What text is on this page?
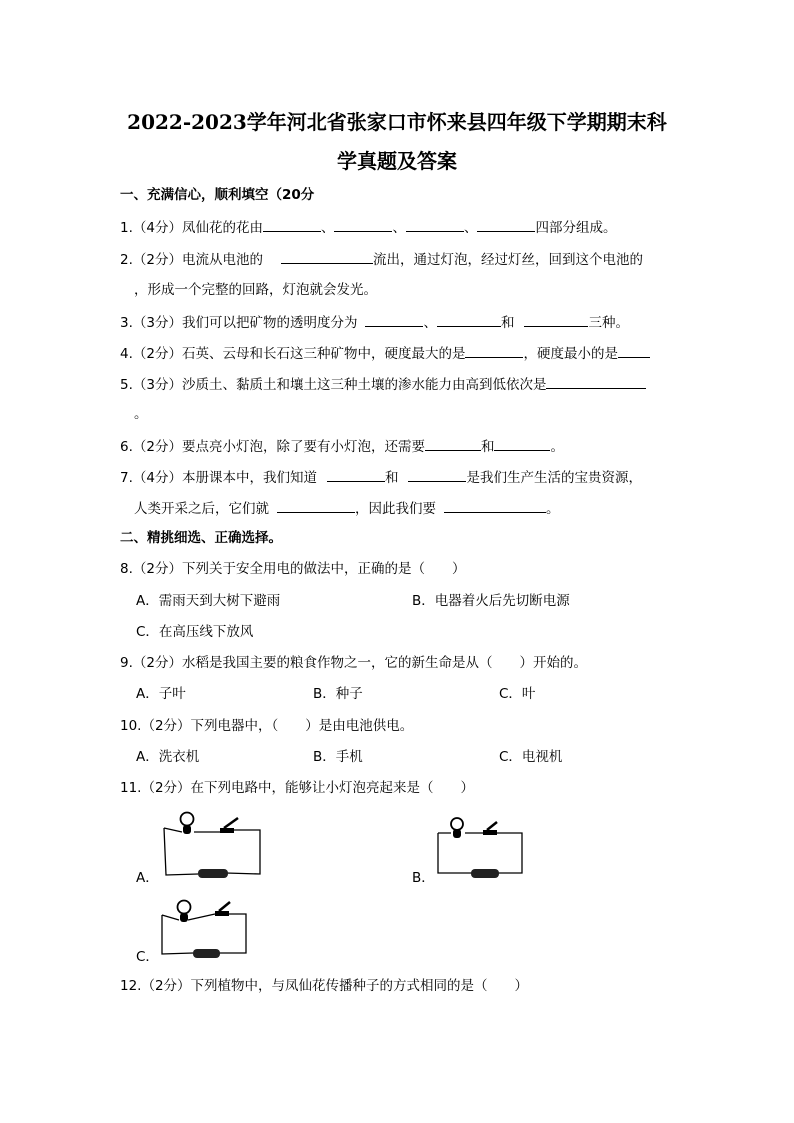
2022-2023学年河北省张家口市怀来县四年级下学期期末科
学真题及答案
一、充满信心，顺利填空（20分
1.（4分）凤仙花的花由	、	、	、	四部分组成。
2.（2分）电流从电池的	流出，通过灯泡，经过灯丝，回到这个电池的
，形成一个完整的回路，灯泡就会发光。
3.（3分）我们可以把矿物的透明度分为	、	和	三种。
4.（2分）石英、云母和长石这三种矿物中，硬度最大的是	，硬度最小的是
5.（3分）沙质土、黏质土和壤土这三种土壤的渗水能力由高到低依次是
。
6.（2分）要点亮小灯泡，除了要有小灯泡，还需要	和	。
7.（4分）本册课本中，我们知道	和	是我们生产生活的宝贵资源，
人类开采之后，它们就	，因此我们要	。
二、精挑细选、正确选择。
8.（2分）下列关于安全用电的做法中，正确的是（　　）
A．需雨天到大树下避雨	B．电器着火后先切断电源
C．在高压线下放风
9.（2分）水稻是我国主要的粮食作物之一，它的新生命是从（　　）开始的。
A．子叶	B．种子	C．叶
10.（2分）下列电器中，（　　）是由电池供电。
A．洗衣机	B．手机	C．电视机
11.（2分）在下列电路中，能够让小灯泡亮起来是（　　）
A．	B．
C．
12.（2分）下列植物中，与凤仙花传播种子的方式相同的是（　　）
